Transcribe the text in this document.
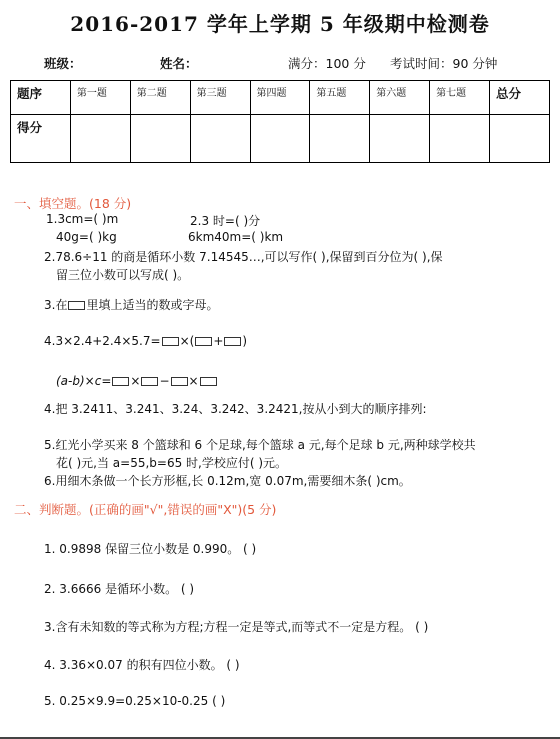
2016-2017 学年上学期 5 年级期中检测卷
班级：	姓名：	满分：100 分 考试时间：90 分钟
题序	第一题	第二题	第三题	第四题	第五题	第六题	第七题	总分
得分								
一、填空题。(18 分)
1.3cm=( )m	2.3 时=( )分
40g=( )kg	6km40m=( )km
2.78.6÷11 的商是循环小数 7.14545…,可以写作( ),保留到百分位为( ),保
留三位小数可以写成( )。
3.在 里填上适当的数或字母。
4.3×2.4+2.4×5.7= ×( + )
(a-b)×c= × − ×
4.把 3.2411、3.241、3.24、3.242、3.2421,按从小到大的顺序排列:
5.红光小学买来 8 个篮球和 6 个足球,每个篮球 a 元,每个足球 b 元,两种球学校共
花( )元,当 a=55,b=65 时,学校应付( )元。
6.用细木条做一个长方形框,长 0.12m,宽 0.07m,需要细木条( )cm。
二、判断题。(正确的画"√",错误的画"X")(5 分)
1. 0.9898 保留三位小数是 0.990。 ( )
2. 3.6666 是循环小数。 ( )
3.含有未知数的等式称为方程;方程一定是等式,而等式不一定是方程。 ( )
4. 3.36×0.07 的积有四位小数。 ( )
5. 0.25×9.9=0.25×10-0.25 ( )
